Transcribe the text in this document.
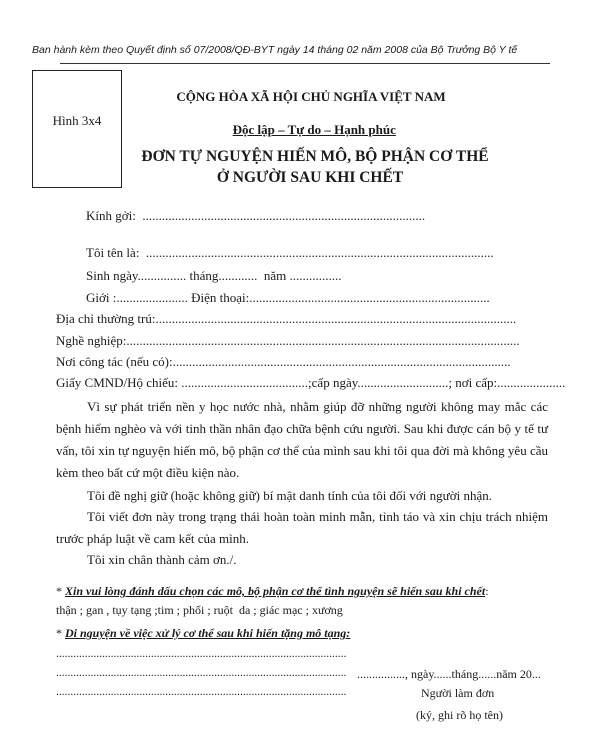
Ban hành kèm theo Quyết định số 07/2008/QĐ-BYT ngày 14 tháng 02 năm 2008 của Bộ Trưởng Bộ Y tế
Hình 3x4
CỘNG HÒA XÃ HỘI CHỦ NGHĨA VIỆT NAM

Độc lập – Tự do – Hạnh phúc

ĐƠN TỰ NGUYỆN HIẾN MÔ, BỘ PHẬN CƠ THỂ
Ở NGƯỜI SAU KHI CHẾT
Kính gởi:  .......................................................................................
Tôi tên là:  ...........................................................................................................
Sinh ngày............... tháng............  năm ................
Giới :...................... Điện thoại:..........................................................................
Địa chỉ thường trú:...............................................................................................................
Nghề nghiệp:.........................................................................................................................
Nơi công tác (nếu có):........................................................................................................
Giấy CMND/Hộ chiếu: .......................................;cấp ngày............................; nơi cấp:.....................
Vì sự phát triển nền y học nước nhà, nhằm giúp đỡ những người không may mắc các bệnh hiểm nghèo và với tinh thần nhân đạo chữa bệnh cứu người. Sau khi được cán bộ y tế tư vấn, tôi xin tự nguyện hiến mô, bộ phận cơ thể của mình sau khi tôi qua đời mà không yêu cầu kèm theo bất cứ một điều kiện nào.
Tôi đề nghị giữ (hoặc không giữ) bí mật danh tính của tôi đối với người nhận.
Tôi viết đơn này trong trạng thái hoàn toàn minh mẫn, tỉnh táo và xin chịu trách nhiệm trước pháp luật về cam kết của mình.
Tôi xin chân thành cảm ơn./.
* Xin vui lòng đánh dấu chọn các mô, bộ phận cơ thể tình nguyện sẽ hiến sau khi chết:
thận ; gan , tụy tạng ;tim ; phổi ; ruột  da ; giác mạc ; xương
* Di nguyện về việc xử lý cơ thể sau khi hiến tặng mô tạng:
.....................................................................................................
.....................................................................................................
.....................................................................................................
................, ngày......tháng......năm 20...
Người làm đơn
(ký, ghi rõ họ tên)
